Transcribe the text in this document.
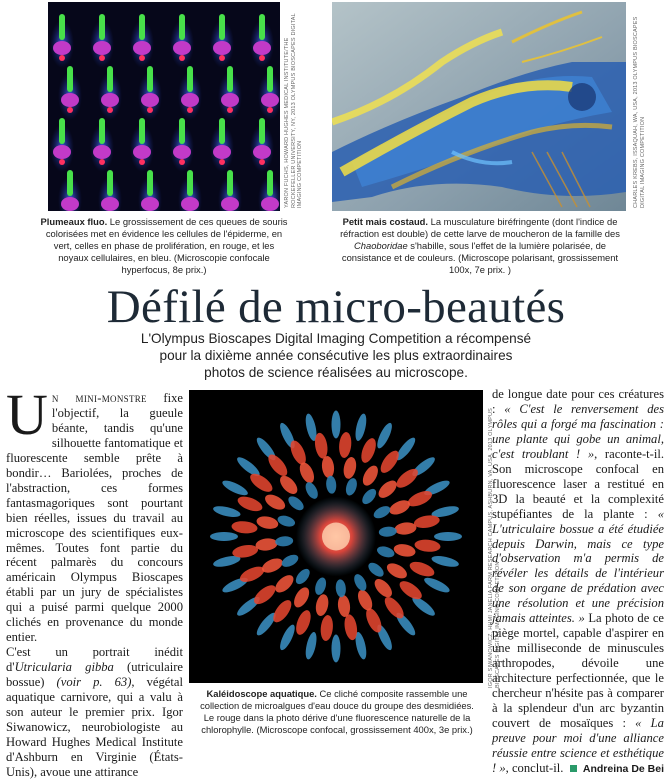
YARON FUCHS, HOWARD HUGHES MEDICAL INSTITUTE/THE ROCKEFELLER UNIVERSITY, NY, 2013 OLYMPUS BIOSCAPES DIGITAL IMAGING COMPETITION	CHARLES KREBS, ISSAQUAH, WA, USA, 2013 OLYMPUS BIOSCAPES DIGITAL IMAGING COMPETITION
Plumeaux fluo. Le grossissement de ces queues de souris colorisées met en évidence les cellules de l'épiderme, en vert, celles en phase de prolifération, en rouge, et les noyaux cellulaires, en bleu. (Microscopie confocale hyperfocus, 8e prix.)
Petit mais costaud. La musculature biréfringente (dont l'indice de réfraction est double) de cette larve de moucheron de la famille des Chaoboridae s'habille, sous l'effet de la lumière polarisée, de consistance et de couleurs. (Microscope polarisant, grossissement 100x, 7e prix. )
Défilé de micro-beautés
L'Olympus Bioscapes Digital Imaging Competition a récompensé pour la dixième année consécutive les plus extraordinaires photos de science réalisées au microscope.
Un mini-monstre fixe l'objectif, la gueule béante, tandis qu'une silhouette fantomatique et fluorescente semble prête à bondir… Bariolées, proches de l'abstraction, ces formes fantasmagoriques sont pourtant bien réelles, issues du travail au microscope des scientifiques eux-mêmes. Toutes font partie du récent palmarès du concours américain Olympus Bioscapes établi par un jury de spécialistes qui a puisé parmi quelque 2000 clichés en provenance du monde entier.
C'est un portrait inédit d'Utricularia gibba (utriculaire bossue) (voir p. 63), végétal aquatique carnivore, qui a valu à son auteur le premier prix. Igor Siwanowicz, neurobiologiste au Howard Hughes Medical Institute d'Ashburn en Virginie (États-Unis), avoue une attirance
IGOR SIWANOWICZ, HHMI JANELIA FARM RESEARCH CAMPUS, ASHBURN, VA, USA, 2013 OLYMPUS BIOSCAPES DIGITAL IMAGING COMPETITION
Kaléidoscope aquatique. Ce cliché composite rassemble une collection de microalgues d'eau douce du groupe des desmidiées. Le rouge dans la photo dérive d'une fluorescence naturelle de la chlorophylle. (Microscope confocal, grossissement 400x, 3e prix.)
de longue date pour ces créatures : « C'est le renversement des rôles qui a forgé ma fascination : une plante qui gobe un animal, c'est troublant ! », raconte-t-il. Son microscope confocal en fluorescence laser a restitué en 3D la beauté et la complexité stupéfiantes de la plante : « L'utriculaire bossue a été étudiée depuis Darwin, mais ce type d'observation m'a permis de révéler les détails de l'intérieur de son organe de prédation avec une résolution et une précision jamais atteintes. » La photo de ce piège mortel, capable d'aspirer en une milliseconde de minuscules arthropodes, dévoile une architecture perfectionnée, que le chercheur n'hésite pas à comparer à la splendeur d'un arc byzantin couvert de mosaïques : « La preuve pour moi d'une alliance réussie entre science et esthétique ! », conclut-il. Andreina De Bei
